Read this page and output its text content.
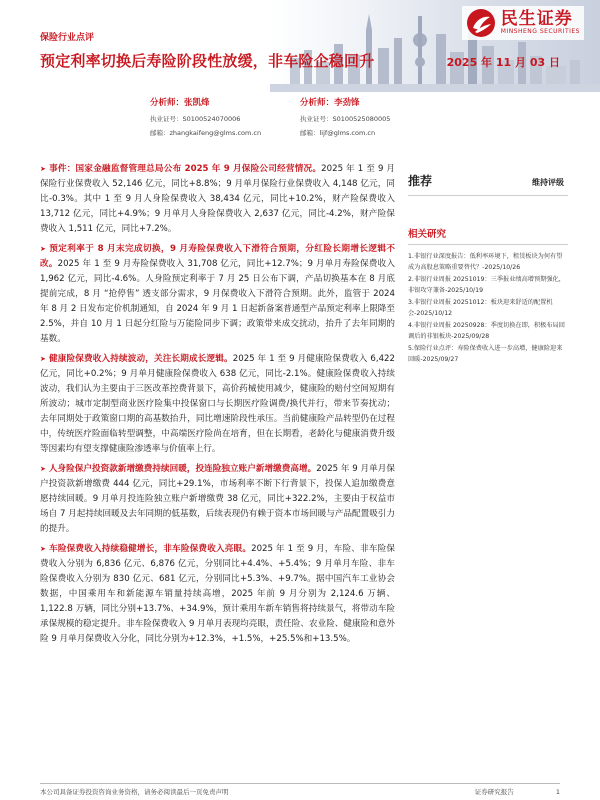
民生证券
MINSHENG SECURITIES
保险行业点评
预定利率切换后寿险阶段性放缓，非车险企稳回升	2025 年 11 月 03 日
分析师：张凯烽
执业证号：S0100524070006
邮箱：zhangkaifeng@glms.com.cn
分析师：李劲锋
执业证号：S0100525080005
邮箱：lijf@glms.com.cn

➤ 事件：国家金融监督管理总局公布 2025 年 9 月保险公司经营情况。2025 年 1 至 9 月保险行业保费收入 52,146 亿元，同比+8.8%；9 月单月保险行业保费收入 4,148 亿元，同比-0.3%。其中 1 至 9 月人身险保费收入 38,434 亿元，同比+10.2%，财产险保费收入 13,712 亿元，同比+4.9%；9 月单月人身险保费收入 2,637 亿元，同比-4.2%，财产险保费收入 1,511 亿元，同比+7.2%。

➤ 预定利率于 8 月末完成切换，9 月寿险保费收入下滑符合预期，分红险长期增长逻辑不改。2025 年 1 至 9 月寿险保费收入 31,708 亿元，同比+12.7%；9 月单月寿险保费收入 1,962 亿元，同比-4.6%。人身险预定利率于 7 月 25 日公布下调，产品切换基本在 8 月底提前完成，8 月 “抢停售” 透支部分需求，9 月保费收入下滑符合预期。此外，监管于 2024 年 8 月 2 日发布定价机制通知，自 2024 年 9 月 1 日起新备案普通型产品预定利率上限降至 2.5%，并自 10 月 1 日起分红险与万能险同步下调；政策带来成交扰动，抬升了去年同期的基数。

➤ 健康险保费收入持续波动，关注长期成长逻辑。2025 年 1 至 9 月健康险保费收入 6,422 亿元，同比+0.2%；9 月单月健康险保费收入 638 亿元，同比-2.1%。健康险保费收入持续波动，我们认为主要由于三医改革控费背景下，高价药械使用减少，健康险的赔付空间短期有所波动；城市定制型商业医疗险集中投保窗口与长期医疗险调费/换代并行，带来节奏扰动；去年同期处于政策窗口期的高基数抬升，同比增速阶段性承压。当前健康险产品转型仍在过程中，传统医疗险面临转型调整，中高端医疗险尚在培育，但在长期看，老龄化与健康消费升级等因素均有望支撑健康险渗透率与价值率上行。

➤ 人身险保户投资款新增缴费持续回暖，投连险独立账户新增缴费高增。2025 年 9 月单月保户投资款新增缴费 444 亿元，同比+29.1%，市场利率不断下行背景下，投保人追加缴费意愿持续回暖。9 月单月投连险独立账户新增缴费 38 亿元，同比+322.2%，主要由于权益市场自 7 月起持续回暖及去年同期的低基数，后续表现仍有赖于资本市场回暖与产品配置吸引力的提升。

➤ 车险保费收入持续稳健增长，非车险保费收入亮眼。2025 年 1 至 9 月，车险、非车险保费收入分别为 6,836 亿元、6,876 亿元，分别同比+4.4%、+5.4%；9 月单月车险、非车险保费收入分别为 830 亿元、681 亿元，分别同比+5.3%、+9.7%。据中国汽车工业协会数据，中国乘用车和新能源车销量持续高增，2025 年前 9 月分别为 2,124.6 万辆、1,122.8 万辆，同比分别+13.7%、+34.9%，预计乘用车新车销售将持续景气，将带动车险承保规模的稳定提升。非车险保费收入 9 月单月表现均亮眼，责任险、农业险、健康险和意外险 9 月单月保费收入分化，同比分别为+12.3%，+1.5%，+25.5%和+13.5%。

推荐	维持评级
相关研究
1.非银行业深度报告：低利率环境下，租赁板块为何有望成为高股息策略重要替代？-2025/10/26
2.非银行业周报 20251019：三季报业绩高增预期强化，非银攻守兼备-2025/10/19
3.非银行业周报 20251012：板块迎来舒适的配置机会-2025/10/12
4.非银行业周报 20250928：季度切换在即，积极布局回调后的非银板块-2025/09/28
5.保险行业点评：寿险保费收入进一步高增，健康险迎来回暖-2025/09/27
本公司具备证券投资咨询业务资格，请务必阅读最后一页免责声明	证券研究报告	1
